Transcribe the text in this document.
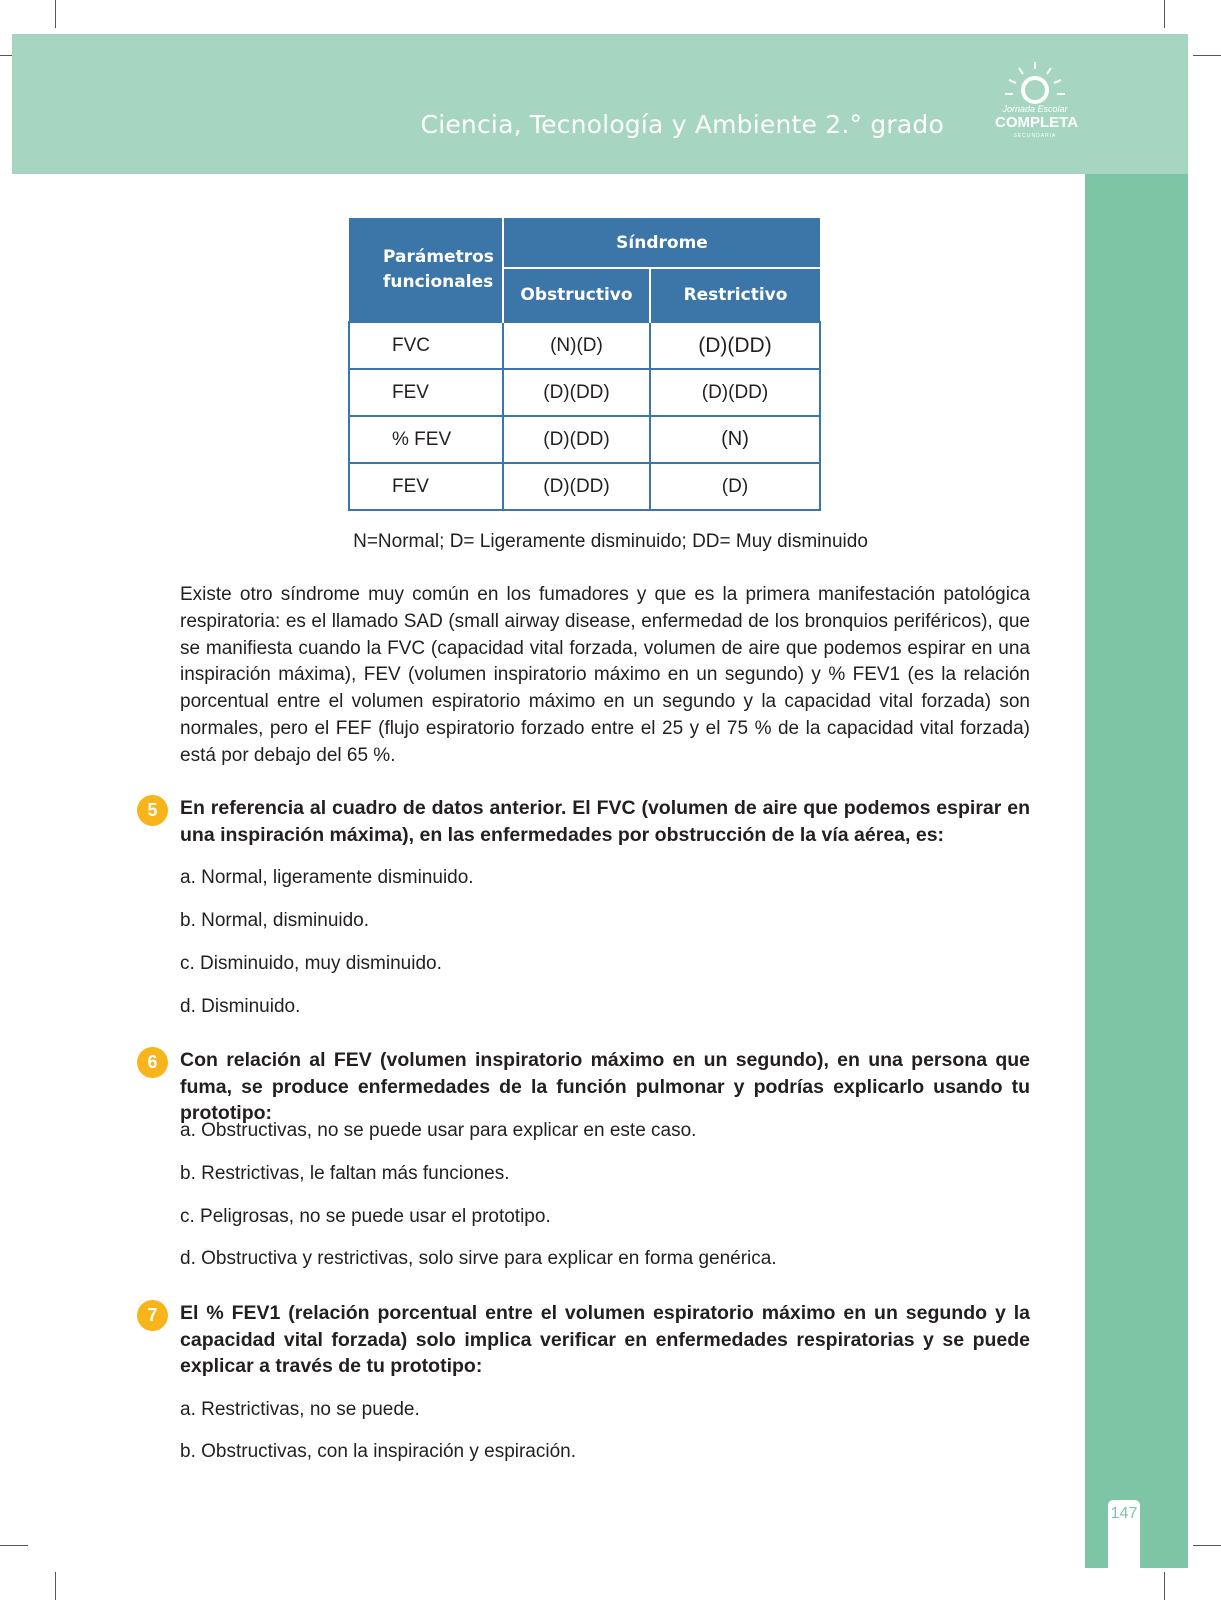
Ciencia, Tecnología y Ambiente 2.° grado
Jornada Escolar
COMPLETA
SECUNDARIA
147
Parámetros funcionales	Síndrome	
	Obstructivo	Restrictivo
FVC	(N)(D)	(D)(DD)
FEV	(D)(DD)	(D)(DD)
% FEV	(D)(DD)	(N)
FEV	(D)(DD)	(D)
N=Normal; D= Ligeramente disminuido; DD= Muy disminuido
Existe otro síndrome muy común en los fumadores y que es la primera manifestación patológica respiratoria: es el llamado SAD (small airway disease, enfermedad de los bronquios periféricos), que se manifiesta cuando la FVC (capacidad vital forzada, volumen de aire que podemos espirar en una inspiración máxima), FEV (volumen inspiratorio máximo en un segundo) y % FEV1 (es la relación porcentual entre el volumen espiratorio máximo en un segundo y la capacidad vital forzada) son normales, pero el FEF (flujo espiratorio forzado entre el 25 y el 75 % de la capacidad vital forzada) está por debajo del 65 %.
5	En referencia al cuadro de datos anterior. El FVC (volumen de aire que podemos espirar en una inspiración máxima), en las enfermedades por obstrucción de la vía aérea, es:
a. Normal, ligeramente disminuido.
b. Normal, disminuido.
c. Disminuido, muy disminuido.
d. Disminuido.
6	Con relación al FEV (volumen inspiratorio máximo en un segundo), en una persona que fuma, se produce enfermedades de la función pulmonar y podrías explicarlo usando tu prototipo:
a. Obstructivas, no se puede usar para explicar en este caso.
b. Restrictivas, le faltan más funciones.
c. Peligrosas, no se puede usar el prototipo.
d. Obstructiva y restrictivas, solo sirve para explicar en forma genérica.
7	El % FEV1 (relación porcentual entre el volumen espiratorio máximo en un segundo y la capacidad vital forzada) solo implica verificar en enfermedades respiratorias y se puede explicar a través de tu prototipo:
a. Restrictivas, no se puede.
b. Obstructivas, con la inspiración y espiración.
